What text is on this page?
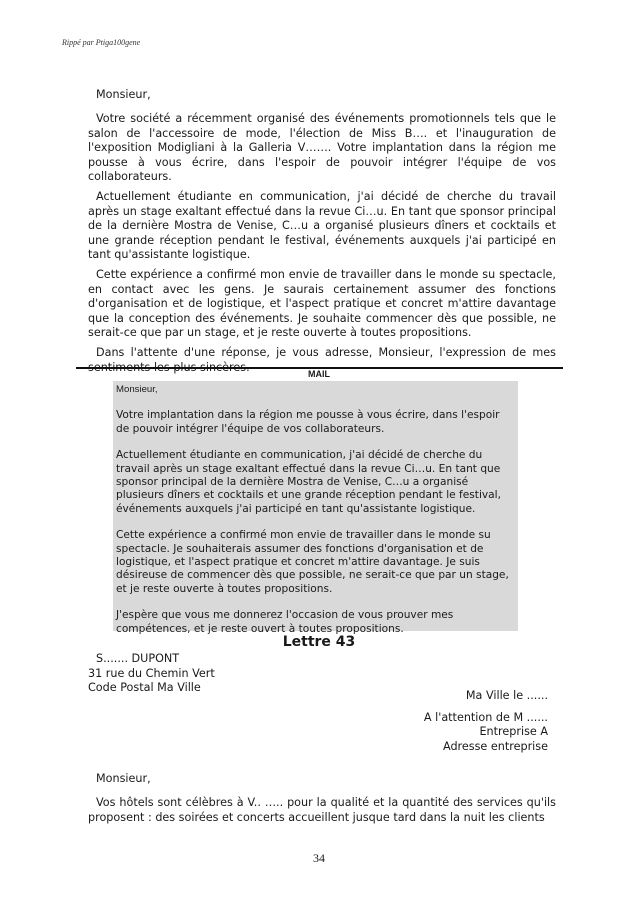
Rippé par Ptiga100gene
Monsieur,

Votre société a récemment organisé des événements promotionnels tels que le salon de l'accessoire de mode, l'élection de Miss B…. et l'inauguration de l'exposition Modigliani à la Galleria V……. Votre implantation dans la région me pousse à vous écrire, dans l'espoir de pouvoir intégrer l'équipe de vos collaborateurs.

Actuellement étudiante en communication, j'ai décidé de cherche du travail après un stage exaltant effectué dans la revue Ci…u. En tant que sponsor principal de la dernière Mostra de Venise, C…u a organisé plusieurs dîners et cocktails et une grande réception pendant le festival, événements auxquels j'ai participé en tant qu'assistante logistique.

Cette expérience a confirmé mon envie de travailler dans le monde su spectacle, en contact avec les gens. Je saurais certainement assumer des fonctions d'organisation et de logistique, et l'aspect pratique et concret m'attire davantage que la conception des événements. Je souhaite commencer dès que possible, ne serait-ce que par un stage, et je reste ouverte à toutes propositions.

Dans l'attente d'une réponse, je vous adresse, Monsieur, l'expression de mes sentiments les plus sincères.

MAIL
Monsieur,

Votre implantation dans la région me pousse à vous écrire, dans l'espoir de pouvoir intégrer l'équipe de vos collaborateurs.

Actuellement étudiante en communication, j'ai décidé de cherche du travail après un stage exaltant effectué dans la revue Ci…u. En tant que sponsor principal de la dernière Mostra de Venise, C…u a organisé plusieurs dîners et cocktails et une grande réception pendant le festival, événements auxquels j'ai participé en tant qu'assistante logistique.

Cette expérience a confirmé mon envie de travailler dans le monde su spectacle. Je souhaiterais assumer des fonctions d'organisation et de logistique, et l'aspect pratique et concret m'attire davantage. Je suis désireuse de commencer dès que possible, ne serait-ce que par un stage, et je reste ouverte à toutes propositions.

J'espère que vous me donnerez l'occasion de vous prouver mes compétences, et je reste ouvert à toutes propositions.

Lettre 43
S....... DUPONT
31 rue du Chemin Vert
Code Postal Ma Ville
Ma Ville le ......
A l'attention de M ......
Entreprise A
Adresse entreprise
Monsieur,

Vos hôtels sont célèbres à V.. ….. pour la qualité et la quantité des services qu'ils proposent : des soirées et concerts accueillent jusque tard dans la nuit les clients

34
